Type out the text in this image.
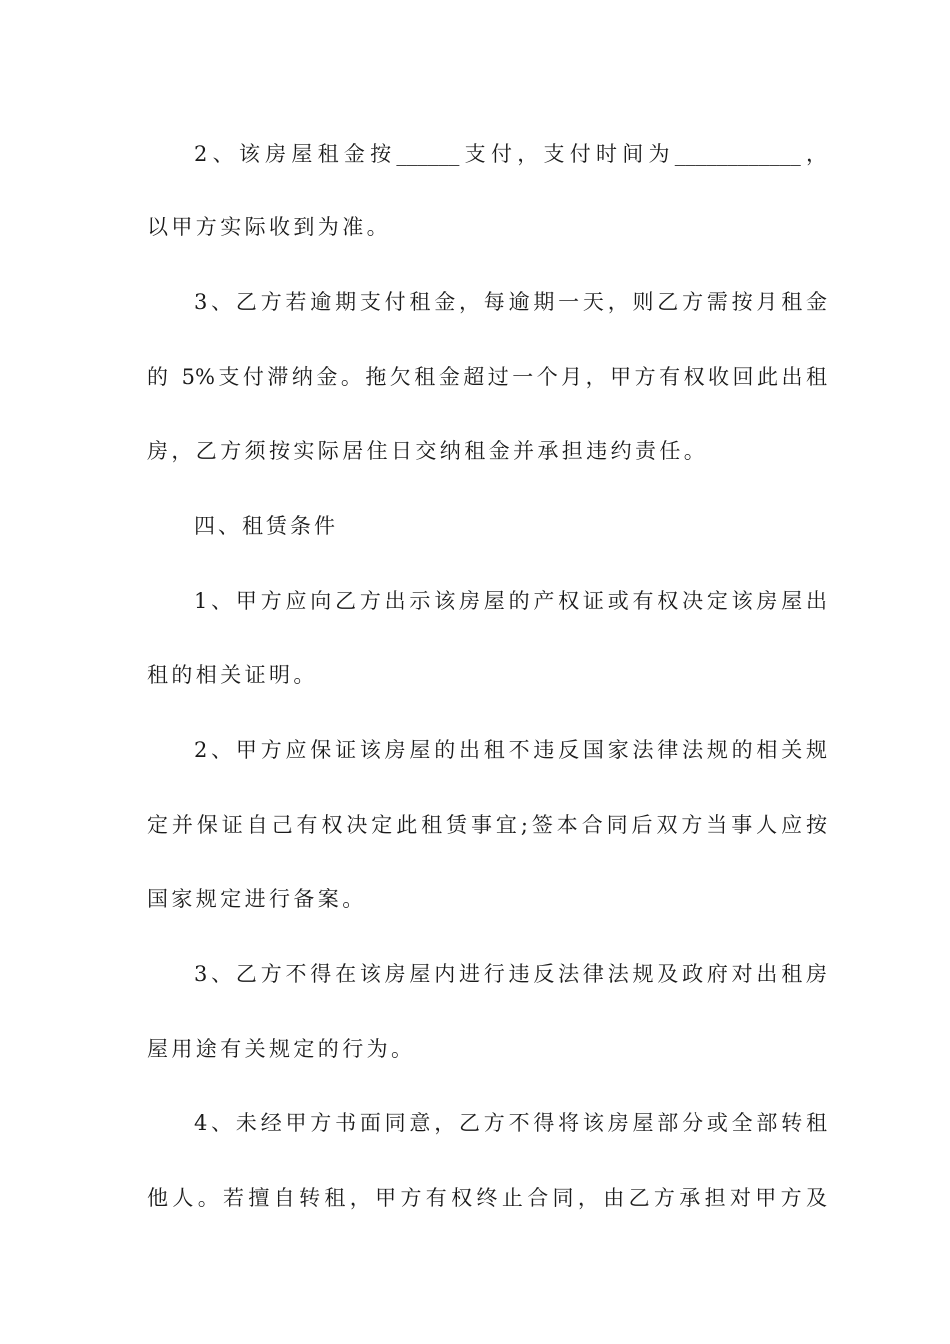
2、该房屋租金按______支付，支付时间为____________，
以甲方实际收到为准。
3、乙方若逾期支付租金，每逾期一天，则乙方需按月租金
的 5%支付滞纳金。拖欠租金超过一个月，甲方有权收回此出租
房，乙方须按实际居住日交纳租金并承担违约责任。
四、租赁条件
1、甲方应向乙方出示该房屋的产权证或有权决定该房屋出
租的相关证明。
2、甲方应保证该房屋的出租不违反国家法律法规的相关规
定并保证自己有权决定此租赁事宜;签本合同后双方当事人应按
国家规定进行备案。
3、乙方不得在该房屋内进行违反法律法规及政府对出租房
屋用途有关规定的行为。
4、未经甲方书面同意，乙方不得将该房屋部分或全部转租
他人。若擅自转租，甲方有权终止合同，由乙方承担对甲方及
